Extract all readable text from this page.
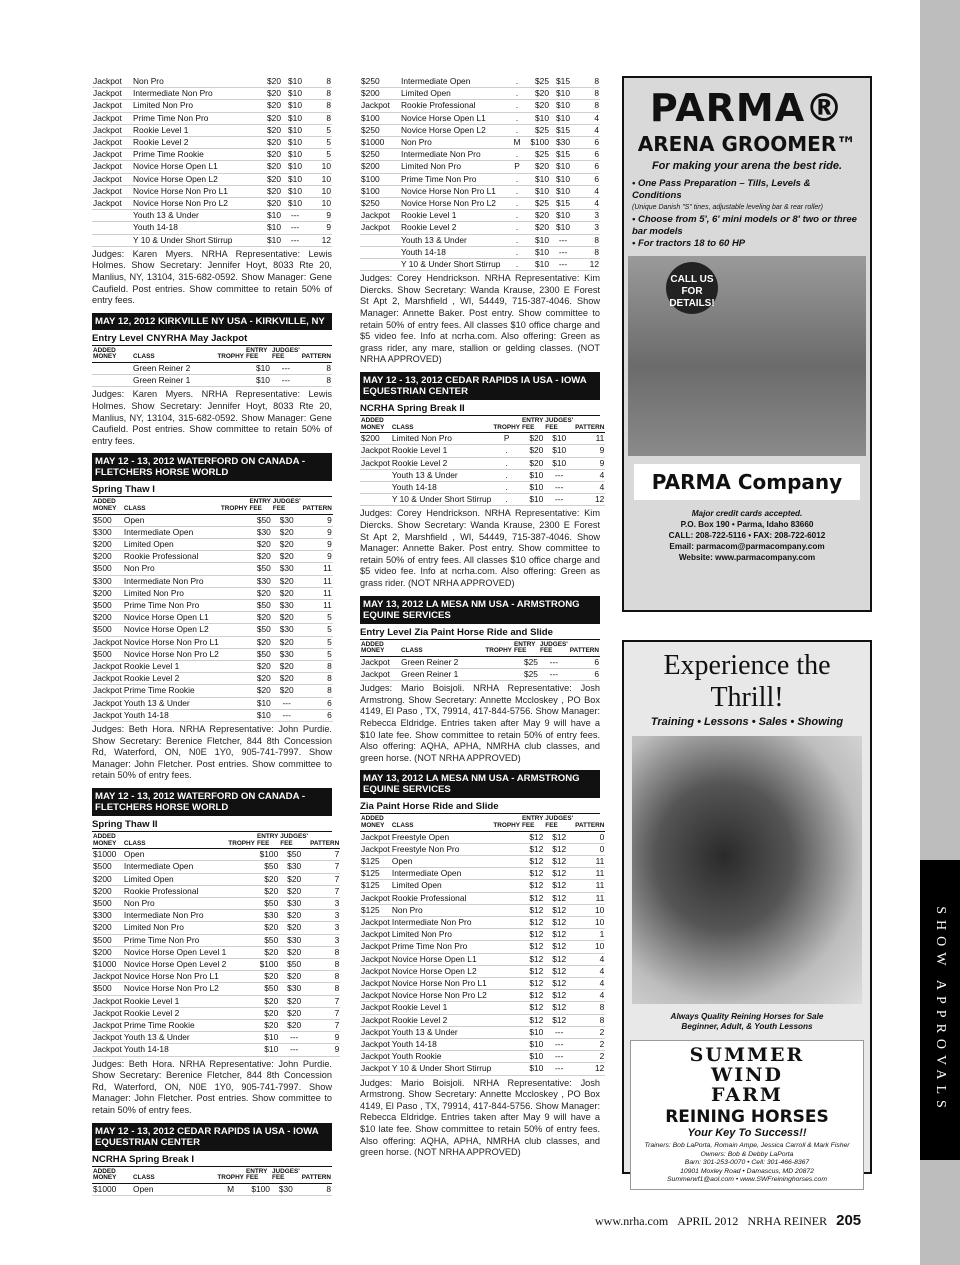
SHOW APPROVALS
Jackpot	Non Pro		$20	$10	8
Jackpot	Intermediate Non Pro		$20	$10	8
Jackpot	Limited Non Pro		$20	$10	8
Jackpot	Prime Time Non Pro		$20	$10	8
Jackpot	Rookie Level 1		$20	$10	5
Jackpot	Rookie Level 2		$20	$10	5
Jackpot	Prime Time Rookie		$20	$10	5
Jackpot	Novice Horse Open L1		$20	$10	10
Jackpot	Novice Horse Open L2		$20	$10	10
Jackpot	Novice Horse Non Pro L1		$20	$10	10
Jackpot	Novice Horse Non Pro L2		$20	$10	10
	Youth 13 & Under		$10	---	9
	Youth 14-18		$10	---	9
	Y 10 & Under Short Stirrup		$10	---	12
Judges: Karen Myers. NRHA Representative: Lewis Holmes. Show Secretary: Jennifer Hoyt, 8033 Rte 20, Manlius, NY, 13104, 315-682-0592. Show Manager: Gene Caufield. Post entries. Show committee to retain 50% of entry fees.
MAY 12, 2012 KIRKVILLE NY USA - KIRKVILLE, NY
Entry Level CNYRHA May Jackpot
ADDED MONEY	CLASS	TROPHY	ENTRY FEE	JUDGES' FEE	PATTERN
	Green Reiner 2		$10	---	8
	Green Reiner 1		$10	---	8
Judges: Karen Myers. NRHA Representative: Lewis Holmes. Show Secretary: Jennifer Hoyt, 8033 Rte 20, Manlius, NY, 13104, 315-682-0592. Show Manager: Gene Caufield. Post entries. Show committee to retain 50% of entry fees.
MAY 12 - 13, 2012 WATERFORD ON CANADA - FLETCHERS HORSE WORLD
Spring Thaw I
ADDED MONEY	CLASS	TROPHY	ENTRY FEE	JUDGES' FEE	PATTERN
$500	Open		$50	$30	9
$300	Intermediate Open		$30	$20	9
$200	Limited Open		$20	$20	9
$200	Rookie Professional		$20	$20	9
$500	Non Pro		$50	$30	11
$300	Intermediate Non Pro		$30	$20	11
$200	Limited Non Pro		$20	$20	11
$500	Prime Time Non Pro		$50	$30	11
$200	Novice Horse Open L1		$20	$20	5
$500	Novice Horse Open L2		$50	$30	5
Jackpot	Novice Horse Non Pro L1		$20	$20	5
$500	Novice Horse Non Pro L2		$50	$30	5
Jackpot	Rookie Level 1		$20	$20	8
Jackpot	Rookie Level 2		$20	$20	8
Jackpot	Prime Time Rookie		$20	$20	8
Jackpot	Youth 13 & Under		$10	---	6
Jackpot	Youth 14-18		$10	---	6
Judges: Beth Hora. NRHA Representative: John Purdie. Show Secretary: Berenice Fletcher, 844 8th Concession Rd, Waterford, ON, N0E 1Y0, 905-741-7997. Show Manager: John Fletcher. Post entries. Show committee to retain 50% of entry fees.
MAY 12 - 13, 2012 WATERFORD ON CANADA - FLETCHERS HORSE WORLD
Spring Thaw II
ADDED MONEY	CLASS	TROPHY	ENTRY FEE	JUDGES' FEE	PATTERN
$1000	Open		$100	$50	7
$500	Intermediate Open		$50	$30	7
$200	Limited Open		$20	$20	7
$200	Rookie Professional		$20	$20	7
$500	Non Pro		$50	$30	3
$300	Intermediate Non Pro		$30	$20	3
$200	Limited Non Pro		$20	$20	3
$500	Prime Time Non Pro		$50	$30	3
$200	Novice Horse Open Level 1		$20	$20	8
$1000	Novice Horse Open Level 2		$100	$50	8
Jackpot	Novice Horse Non Pro L1		$20	$20	8
$500	Novice Horse Non Pro L2		$50	$30	8
Jackpot	Rookie Level 1		$20	$20	7
Jackpot	Rookie Level 2		$20	$20	7
Jackpot	Prime Time Rookie		$20	$20	7
Jackpot	Youth 13 & Under		$10	---	9
Jackpot	Youth 14-18		$10	---	9
Judges: Beth Hora. NRHA Representative: John Purdie. Show Secretary: Berenice Fletcher, 844 8th Concession Rd, Waterford, ON, N0E 1Y0, 905-741-7997. Show Manager: John Fletcher. Post entries. Show committee to retain 50% of entry fees.
MAY 12 - 13, 2012 CEDAR RAPIDS IA USA - IOWA EQUESTRIAN CENTER
NCRHA Spring Break I
ADDED MONEY	CLASS	TROPHY	ENTRY FEE	JUDGES' FEE	PATTERN
$1000	Open	M	$100	$30	8
$250	Intermediate Open	.	$25	$15	8
$200	Limited Open	.	$20	$10	8
Jackpot	Rookie Professional	.	$20	$10	8
$100	Novice Horse Open L1	.	$10	$10	4
$250	Novice Horse Open L2	.	$25	$15	4
$1000	Non Pro	M	$100	$30	6
$250	Intermediate Non Pro	.	$25	$15	6
$200	Limited Non Pro	P	$20	$10	6
$100	Prime Time Non Pro	.	$10	$10	6
$100	Novice Horse Non Pro L1	.	$10	$10	4
$250	Novice Horse Non Pro L2	.	$25	$15	4
Jackpot	Rookie Level 1	.	$20	$10	3
Jackpot	Rookie Level 2	.	$20	$10	3
	Youth 13 & Under	.	$10	---	8
	Youth 14-18	.	$10	---	8
	Y 10 & Under Short Stirrup	.	$10	---	12
Judges: Corey Hendrickson. NRHA Representative: Kim Diercks. Show Secretary: Wanda Krause, 2300 E Forest St Apt 2, Marshfield , WI, 54449, 715-387-4046. Show Manager: Annette Baker. Post entry. Show committee to retain 50% of entry fees. All classes $10 office charge and $5 video fee. Info at ncrha.com. Also offering: Green as grass rider, any mare, stallion or gelding classes. (NOT NRHA APPROVED)
MAY 12 - 13, 2012 CEDAR RAPIDS IA USA - IOWA EQUESTRIAN CENTER
NCRHA Spring Break II
ADDED MONEY	CLASS	TROPHY	ENTRY FEE	JUDGES' FEE	PATTERN
$200	Limited Non Pro	P	$20	$10	11
Jackpot	Rookie Level 1	.	$20	$10	9
Jackpot	Rookie Level 2	.	$20	$10	9
	Youth 13 & Under	.	$10	---	4
	Youth 14-18	.	$10	---	4
	Y 10 & Under Short Stirrup	.	$10	---	12
Judges: Corey Hendrickson. NRHA Representative: Kim Diercks. Show Secretary: Wanda Krause, 2300 E Forest St Apt 2, Marshfield , WI, 54449, 715-387-4046. Show Manager: Annette Baker. Post entry. Show committee to retain 50% of entry fees. All classes $10 office charge and $5 video fee. Info at ncrha.com. Also offering: Green as grass rider. (NOT NRHA APPROVED)
MAY 13, 2012 LA MESA NM USA - ARMSTRONG EQUINE SERVICES
Entry Level Zia Paint Horse Ride and Slide
ADDED MONEY	CLASS	TROPHY	ENTRY FEE	JUDGES' FEE	PATTERN
Jackpot	Green Reiner 2		$25	---	6
Jackpot	Green Reiner 1		$25	---	6
Judges: Mario Boisjoli. NRHA Representative: Josh Armstrong. Show Secretary: Annette Mccloskey , PO Box 4149, El Paso , TX, 79914, 417-844-5756. Show Manager: Rebecca Eldridge. Entries taken after May 9 will have a $10 late fee. Show committee to retain 50% of entry fees. Also offering: AQHA, APHA, NMRHA club classes, and green horse. (NOT NRHA APPROVED)
MAY 13, 2012 LA MESA NM USA - ARMSTRONG EQUINE SERVICES
Zia Paint Horse Ride and Slide
ADDED MONEY	CLASS	TROPHY	ENTRY FEE	JUDGES' FEE	PATTERN
Jackpot	Freestyle Open		$12	$12	0
Jackpot	Freestyle Non Pro		$12	$12	0
$125	Open		$12	$12	11
$125	Intermediate Open		$12	$12	11
$125	Limited Open		$12	$12	11
Jackpot	Rookie Professional		$12	$12	11
$125	Non Pro		$12	$12	10
Jackpot	Intermediate Non Pro		$12	$12	10
Jackpot	Limited Non Pro		$12	$12	1
Jackpot	Prime Time Non Pro		$12	$12	10
Jackpot	Novice Horse Open L1		$12	$12	4
Jackpot	Novice Horse Open L2		$12	$12	4
Jackpot	Novice Horse Non Pro L1		$12	$12	4
Jackpot	Novice Horse Non Pro L2		$12	$12	4
Jackpot	Rookie Level 1		$12	$12	8
Jackpot	Rookie Level 2		$12	$12	8
Jackpot	Youth 13 & Under		$10	---	2
Jackpot	Youth 14-18		$10	---	2
Jackpot	Youth Rookie		$10	---	2
Jackpot	Y 10 & Under Short Stirrup		$10	---	12
Judges: Mario Boisjoli. NRHA Representative: Josh Armstrong. Show Secretary: Annette Mccloskey , PO Box 4149, El Paso , TX, 79914, 417-844-5756. Show Manager: Rebecca Eldridge. Entries taken after May 9 will have a $10 late fee. Show committee to retain 50% of entry fees. Also offering: AQHA, APHA, NMRHA club classes, and green horse. (NOT NRHA APPROVED)
PARMA®
ARENA GROOMER™
For making your arena the best ride.
• One Pass Preparation – Tills, Levels & Conditions
(Unique Danish "S" tines, adjustable leveling bar & rear roller)
• Choose from 5', 6' mini models or 8' two or three bar models
• For tractors 18 to 60 HP
CALL US FOR DETAILS!
PARMA Company
Major credit cards accepted.
P.O. Box 190 • Parma, Idaho 83660
CALL: 208-722-5116 • FAX: 208-722-6012
Email: parmacom@parmacompany.com
Website: www.parmacompany.com
Experience the Thrill!
Training • Lessons • Sales • Showing
Always Quality Reining Horses for Sale
Beginner, Adult, & Youth Lessons
SUMMER
WIND
FARM
REINING HORSES
Your Key To Success!!
Trainers: Bob LaPorta, Romain Ampe, Jessica Carroll & Mark Fisher
Owners: Bob & Debby LaPorta
Barn: 301-253-0070 • Cell: 301-466-8367
10901 Moxley Road • Damascus, MD 20872
Summerwf1@aol.com • www.SWFreininghorses.com
www.nrha.com APRIL 2012 NRHA REINER 205
